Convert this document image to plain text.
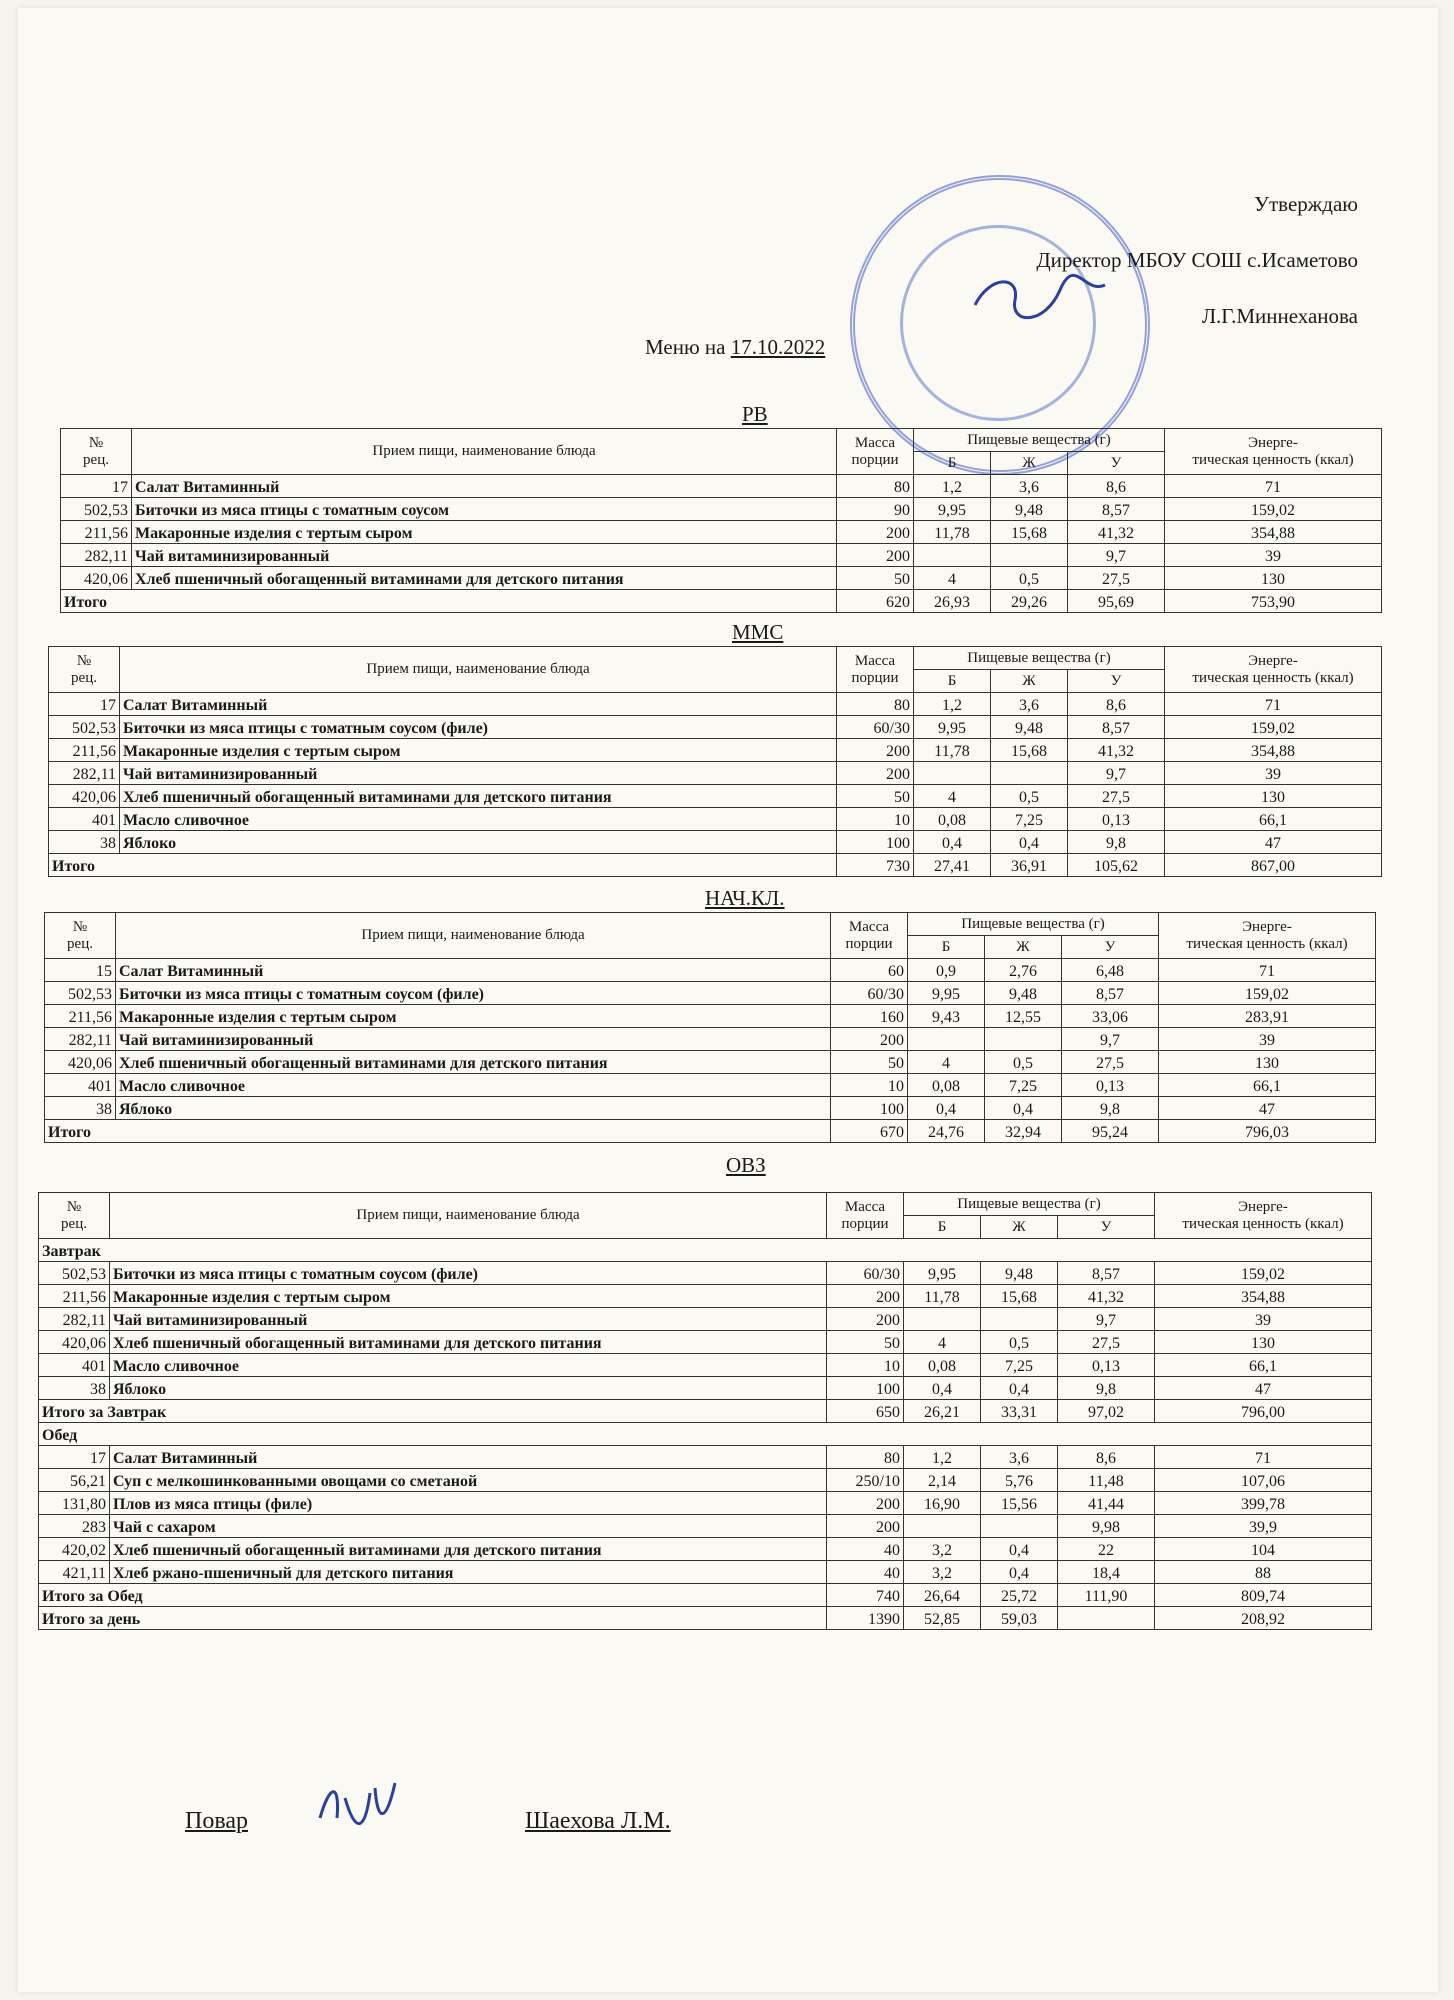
Утверждаю
Директор МБОУ СОШ с.Исаметово
Л.Г.Миннеханова
Меню на 17.10.2022
РВ
№
рец.	Прием пищи, наименование блюда	Масса
порции	Пищевые вещества (г)			Энерге-
тическая ценность (ккал)
			Б	Ж	У	
17	Салат Витаминный	80	1,2	3,6	8,6	71
502,53	Биточки из мяса птицы с томатным соусом	90	9,95	9,48	8,57	159,02
211,56	Макаронные изделия с тертым сыром	200	11,78	15,68	41,32	354,88
282,11	Чай витаминизированный	200			9,7	39
420,06	Хлеб пшеничный обогащенный витаминами для детского питания	50	4	0,5	27,5	130
Итого		620	26,93	29,26	95,69	753,90
ММС
№
рец.	Прием пищи, наименование блюда	Масса
порции	Пищевые вещества (г)			Энерге-
тическая ценность (ккал)
			Б	Ж	У	
17	Салат Витаминный	80	1,2	3,6	8,6	71
502,53	Биточки из мяса птицы с томатным соусом (филе)	60/30	9,95	9,48	8,57	159,02
211,56	Макаронные изделия с тертым сыром	200	11,78	15,68	41,32	354,88
282,11	Чай витаминизированный	200			9,7	39
420,06	Хлеб пшеничный обогащенный витаминами для детского питания	50	4	0,5	27,5	130
401	Масло сливочное	10	0,08	7,25	0,13	66,1
38	Яблоко	100	0,4	0,4	9,8	47
Итого		730	27,41	36,91	105,62	867,00
НАЧ.КЛ.
№
рец.	Прием пищи, наименование блюда	Масса
порции	Пищевые вещества (г)			Энерге-
тическая ценность (ккал)
			Б	Ж	У	
15	Салат Витаминный	60	0,9	2,76	6,48	71
502,53	Биточки из мяса птицы с томатным соусом (филе)	60/30	9,95	9,48	8,57	159,02
211,56	Макаронные изделия с тертым сыром	160	9,43	12,55	33,06	283,91
282,11	Чай витаминизированный	200			9,7	39
420,06	Хлеб пшеничный обогащенный витаминами для детского питания	50	4	0,5	27,5	130
401	Масло сливочное	10	0,08	7,25	0,13	66,1
38	Яблоко	100	0,4	0,4	9,8	47
Итого		670	24,76	32,94	95,24	796,03
ОВЗ
№
рец.	Прием пищи, наименование блюда	Масса
порции	Пищевые вещества (г)			Энерге-
тическая ценность (ккал)
			Б	Ж	У	
Завтрак						
502,53	Биточки из мяса птицы с томатным соусом (филе)	60/30	9,95	9,48	8,57	159,02
211,56	Макаронные изделия с тертым сыром	200	11,78	15,68	41,32	354,88
282,11	Чай витаминизированный	200			9,7	39
420,06	Хлеб пшеничный обогащенный витаминами для детского питания	50	4	0,5	27,5	130
401	Масло сливочное	10	0,08	7,25	0,13	66,1
38	Яблоко	100	0,4	0,4	9,8	47
Итого за Завтрак		650	26,21	33,31	97,02	796,00
Обед						
17	Салат Витаминный	80	1,2	3,6	8,6	71
56,21	Суп с мелкошинкованными овощами со сметаной	250/10	2,14	5,76	11,48	107,06
131,80	Плов из мяса птицы (филе)	200	16,90	15,56	41,44	399,78
283	Чай с сахаром	200			9,98	39,9
420,02	Хлеб пшеничный обогащенный витаминами для детского питания	40	3,2	0,4	22	104
421,11	Хлеб ржано-пшеничный для детского питания	40	3,2	0,4	18,4	88
Итого за Обед		740	26,64	25,72	111,90	809,74
Итого за день		1390	52,85	59,03		208,92
Повар	Шаехова Л.М.
